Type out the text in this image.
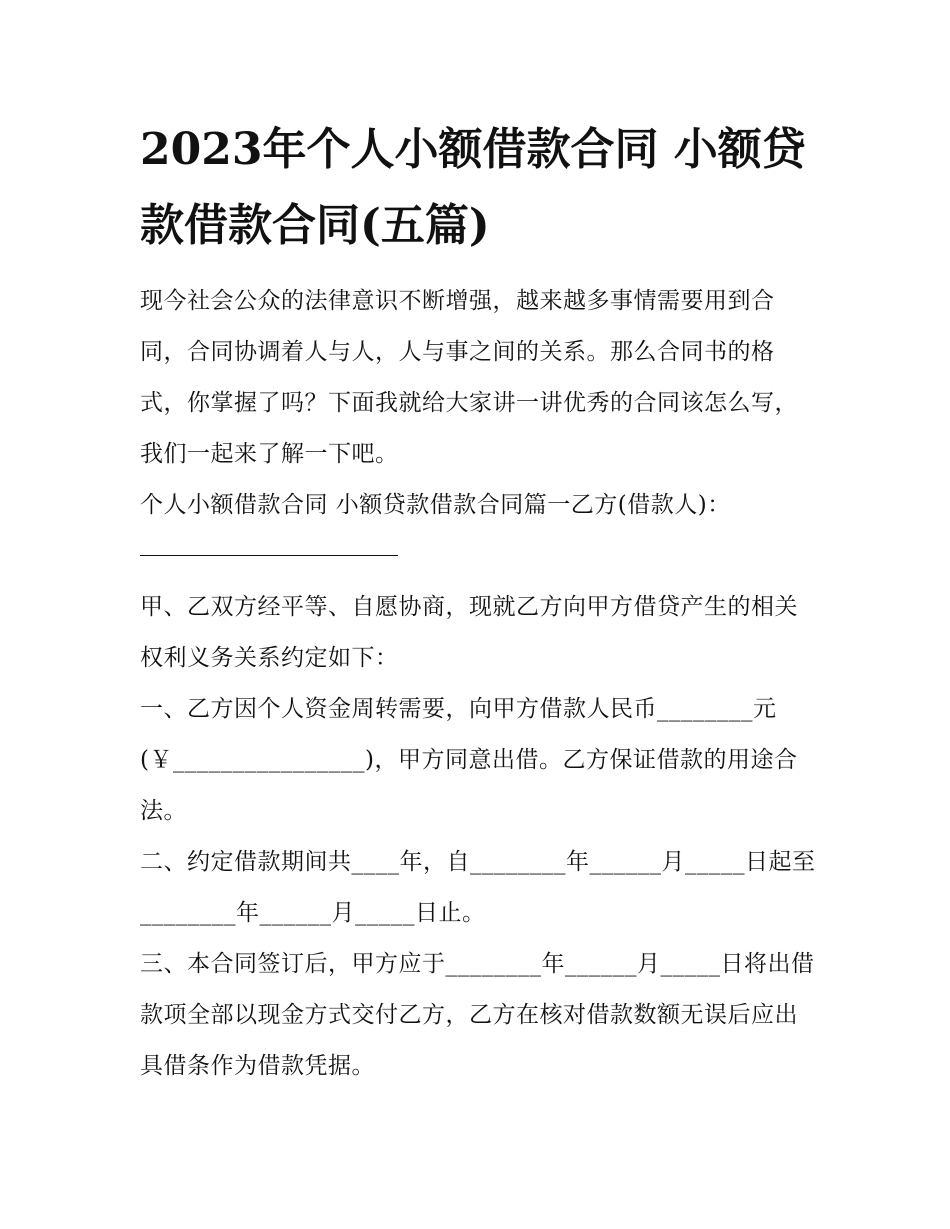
2023年个人小额借款合同 小额贷款借款合同(五篇)

现今社会公众的法律意识不断增强，越来越多事情需要用到合同，合同协调着人与人，人与事之间的关系。那么合同书的格式，你掌握了吗？下面我就给大家讲一讲优秀的合同该怎么写，我们一起来了解一下吧。

个人小额借款合同 小额贷款借款合同篇一乙方(借款人)：

甲、乙双方经平等、自愿协商，现就乙方向甲方借贷产生的相关权利义务关系约定如下：

一、乙方因个人资金周转需要，向甲方借款人民币________元(￥________________)，甲方同意出借。乙方保证借款的用途合法。

二、约定借款期间共____年，自________年______月_____日起至________年______月_____日止。

三、本合同签订后，甲方应于________年______月_____日将出借款项全部以现金方式交付乙方，乙方在核对借款数额无误后应出具借条作为借款凭据。
